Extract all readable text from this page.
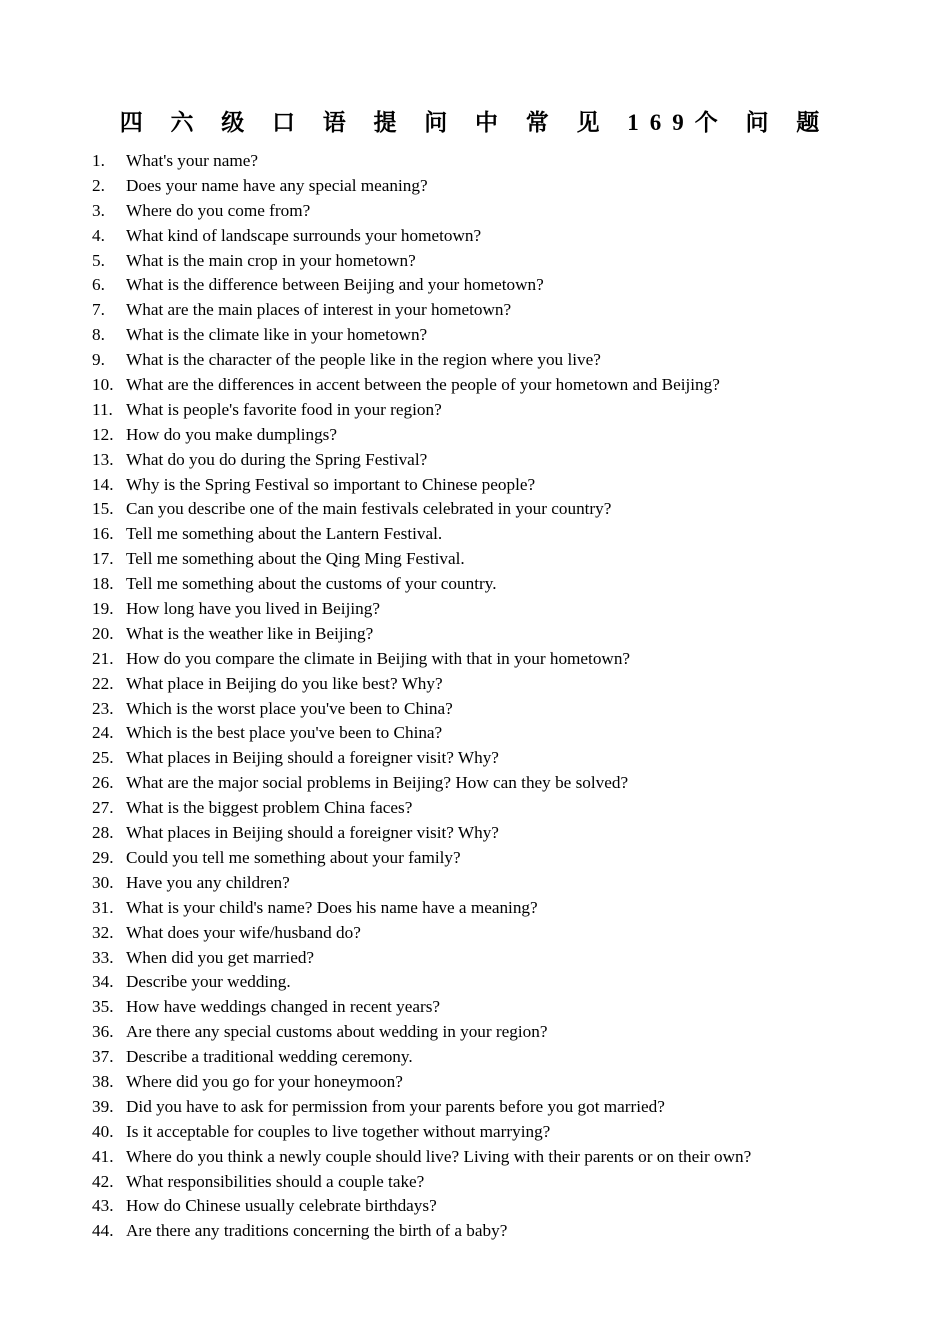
四 六 级 口 语 提 问 中 常 见 169个 问 题
1.	What's your name?
2.	Does your name have any special meaning?
3.	Where do you come from?
4.	What kind of landscape surrounds your hometown?
5.	What is the main crop in your hometown?
6.	What is the difference between Beijing and your hometown?
7.	What are the main places of interest in your hometown?
8.	What is the climate like in your hometown?
9.	What is the character of the people like in the region where you live?
10. What are the differences in accent between the people of your hometown and Beijing?
11. What is people's favorite food in your region?
12. How do you make dumplings?
13. What do you do during the Spring Festival?
14. Why is the Spring Festival so important to Chinese people?
15. Can you describe one of the main festivals celebrated in your country?
16. Tell me something about the Lantern Festival.
17. Tell me something about the Qing Ming Festival.
18. Tell me something about the customs of your country.
19. How long have you lived in Beijing?
20. What is the weather like in Beijing?
21. How do you compare the climate in Beijing with that in your hometown?
22. What place in Beijing do you like best? Why?
23. Which is the worst place you've been to China?
24. Which is the best place you've been to China?
25. What places in Beijing should a foreigner visit? Why?
26. What are the major social problems in Beijing? How can they be solved?
27. What is the biggest problem China faces?
28. What places in Beijing should a foreigner visit? Why?
29. Could you tell me something about your family?
30. Have you any children?
31. What is your child's name? Does his name have a meaning?
32. What does your wife/husband do?
33. When did you get married?
34. Describe your wedding.
35. How have weddings changed in recent years?
36. Are there any special customs about wedding in your region?
37. Describe a traditional wedding ceremony.
38. Where did you go for your honeymoon?
39. Did you have to ask for permission from your parents before you got married?
40. Is it acceptable for couples to live together without marrying?
41. Where do you think a newly couple should live? Living with their parents or on their own?
42. What responsibilities should a couple take?
43. How do Chinese usually celebrate birthdays?
44. Are there any traditions concerning the birth of a baby?
